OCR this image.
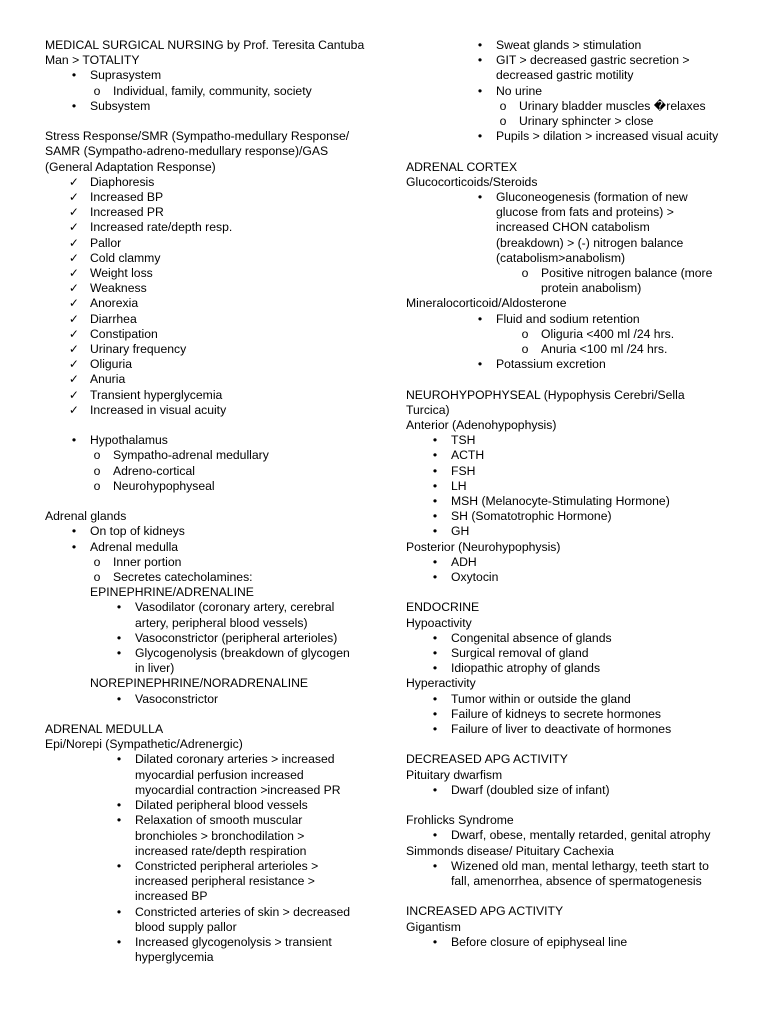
MEDICAL SURGICAL NURSING by Prof. Teresita Cantuba
Man > TOTALITY
•
Suprasystem
o
Individual, family, community, society
•
Subsystem
Stress Response/SMR (Sympatho-medullary Response/
SAMR (Sympatho-adreno-medullary response)/GAS
(General Adaptation Response)
✓
Diaphoresis
✓
Increased BP
✓
Increased PR
✓
Increased rate/depth resp.
✓
Pallor
✓
Cold clammy
✓
Weight loss
✓
Weakness
✓
Anorexia
✓
Diarrhea
✓
Constipation
✓
Urinary frequency
✓
Oliguria
✓
Anuria
✓
Transient hyperglycemia
✓
Increased in visual acuity
•
Hypothalamus
o
Sympatho-adrenal medullary
o
Adreno-cortical
o
Neurohypophyseal
Adrenal glands
•
On top of kidneys
•
Adrenal medulla
o
Inner portion
o
Secretes catecholamines:
EPINEPHRINE/ADRENALINE
•
Vasodilator (coronary artery, cerebral
artery, peripheral blood vessels)
•
Vasoconstrictor (peripheral arterioles)
•
Glycogenolysis (breakdown of glycogen
in liver)
NOREPINEPHRINE/NORADRENALINE
•
Vasoconstrictor
ADRENAL MEDULLA
Epi/Norepi (Sympathetic/Adrenergic)
•
Dilated coronary arteries > increased
myocardial perfusion increased
myocardial contraction >increased PR
•
Dilated peripheral blood vessels
•
Relaxation of smooth muscular
bronchioles > bronchodilation >
increased rate/depth respiration
•
Constricted peripheral arterioles >
increased peripheral resistance >
increased BP
•
Constricted arteries of skin > decreased
blood supply pallor
•
Increased glycogenolysis > transient
hyperglycemia
•
Sweat glands > stimulation
•
GIT > decreased gastric secretion >
decreased gastric motility
•
No urine
o
Urinary bladder muscles �relaxes
o
Urinary sphincter > close
•
Pupils > dilation > increased visual acuity
ADRENAL CORTEX
Glucocorticoids/Steroids
•
Gluconeogenesis (formation of new
glucose from fats and proteins) >
increased CHON catabolism
(breakdown) > (-) nitrogen balance
(catabolism>anabolism)
o
Positive nitrogen balance (more
protein anabolism)
Mineralocorticoid/Aldosterone
•
Fluid and sodium retention
o
Oliguria <400 ml /24 hrs.
o
Anuria <100 ml /24 hrs.
•
Potassium excretion
NEUROHYPOPHYSEAL (Hypophysis Cerebri/Sella
Turcica)
Anterior (Adenohypophysis)
•
TSH
•
ACTH
•
FSH
•
LH
•
MSH (Melanocyte-Stimulating Hormone)
•
SH (Somatotrophic Hormone)
•
GH
Posterior (Neurohypophysis)
•
ADH
•
Oxytocin
ENDOCRINE
Hypoactivity
•
Congenital absence of glands
•
Surgical removal of gland
•
Idiopathic atrophy of glands
Hyperactivity
•
Tumor within or outside the gland
•
Failure of kidneys to secrete hormones
•
Failure of liver to deactivate of hormones
DECREASED APG ACTIVITY
Pituitary dwarfism
•
Dwarf (doubled size of infant)
Frohlicks Syndrome
•
Dwarf, obese, mentally retarded, genital atrophy
Simmonds disease/ Pituitary Cachexia
•
Wizened old man, mental lethargy, teeth start to
fall, amenorrhea, absence of spermatogenesis
INCREASED APG ACTIVITY
Gigantism
•
Before closure of epiphyseal line
